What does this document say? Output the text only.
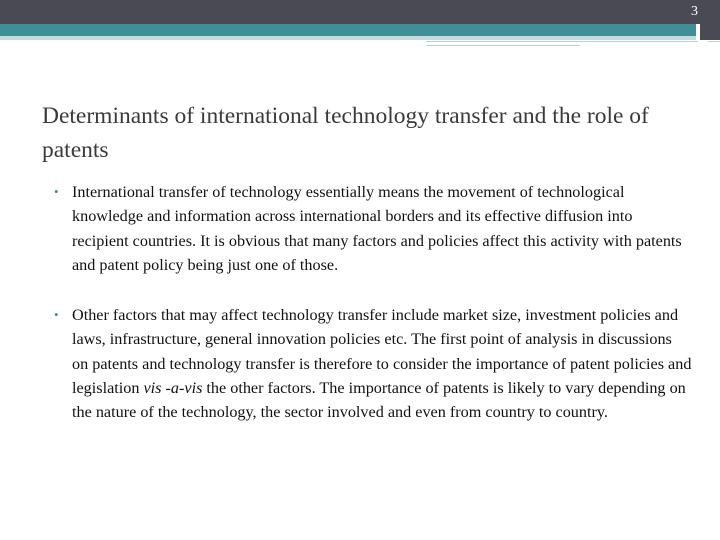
3
Determinants of international technology transfer and the role of patents
• International transfer of technology essentially means the movement of technological knowledge and information across international borders and its effective diffusion into recipient countries. It is obvious that many factors and policies affect this activity with patents and patent policy being just one of those.
• Other factors that may affect technology transfer include market size, investment policies and laws, infrastructure, general innovation policies etc. The first point of analysis in discussions on patents and technology transfer is therefore to consider the importance of patent policies and legislation vis -a-vis the other factors. The importance of patents is likely to vary depending on the nature of the technology, the sector involved and even from country to country.
